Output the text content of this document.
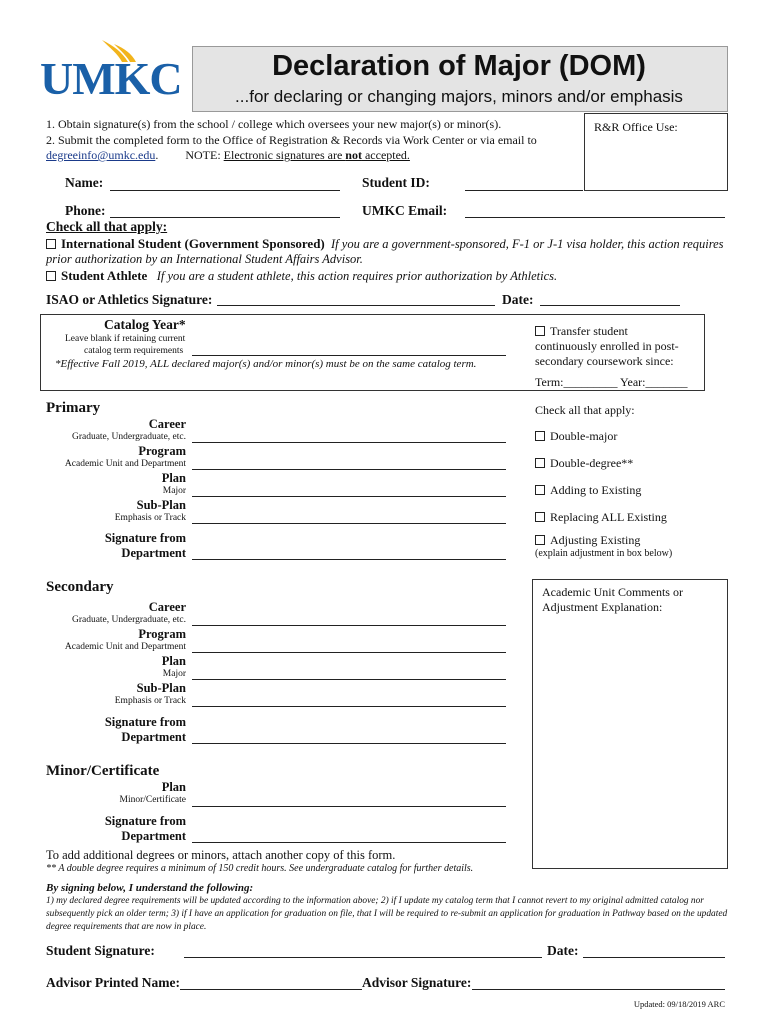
UMKC	Declaration of Major (DOM)
...for declaring or changing majors, minors and/or emphasis
1. Obtain signature(s) from the school / college which oversees your new major(s) or minor(s).
2. Submit the completed form to the Office of Registration & Records via Work Center or via email to
degreeinfo@umkc.edu.         NOTE: Electronic signatures are not accepted.
R&R Office Use:
Name:	Student ID:
Phone:	UMKC Email:
Check all that apply:
International Student (Government Sponsored) If you are a government-sponsored, F-1 or J-1 visa holder, this action requires
prior authorization by an International Student Affairs Advisor.
Student Athlete If you are a student athlete, this action requires prior authorization by Athletics.
ISAO or Athletics Signature:	Date:
Catalog Year*
Leave blank if retaining current
catalog term requirements
*Effective Fall 2019, ALL declared major(s) and/or minor(s) must be on the same catalog term.
Transfer student
continuously enrolled in post-
secondary coursework since:
Term:_________ Year:_______
Primary
Career
Graduate, Undergraduate, etc.
Program
Academic Unit and Department
Plan
Major
Sub-Plan
Emphasis or Track
Signature from
Department
Check all that apply:
Double-major
Double-degree**
Adding to Existing
Replacing ALL Existing
Adjusting Existing
(explain adjustment in box below)
Secondary
Career
Graduate, Undergraduate, etc.
Program
Academic Unit and Department
Plan
Major
Sub-Plan
Emphasis or Track
Signature from
Department
Academic Unit Comments or
Adjustment Explanation:
Minor/Certificate
Plan
Minor/Certificate
Signature from
Department
To add additional degrees or minors, attach another copy of this form.
** A double degree requires a minimum of 150 credit hours. See undergraduate catalog for further details.
By signing below, I understand the following:
1) my declared degree requirements will be updated according to the information above; 2) if I update my catalog term that I cannot revert to my original admitted catalog nor
subsequently pick an older term; 3) if I have an application for graduation on file, that I will be required to re-submit an application for graduation in Pathway based on the updated
degree requirements that are now in place.
Student Signature:	Date:
Advisor Printed Name:	Advisor Signature:
Updated: 09/18/2019 ARC
